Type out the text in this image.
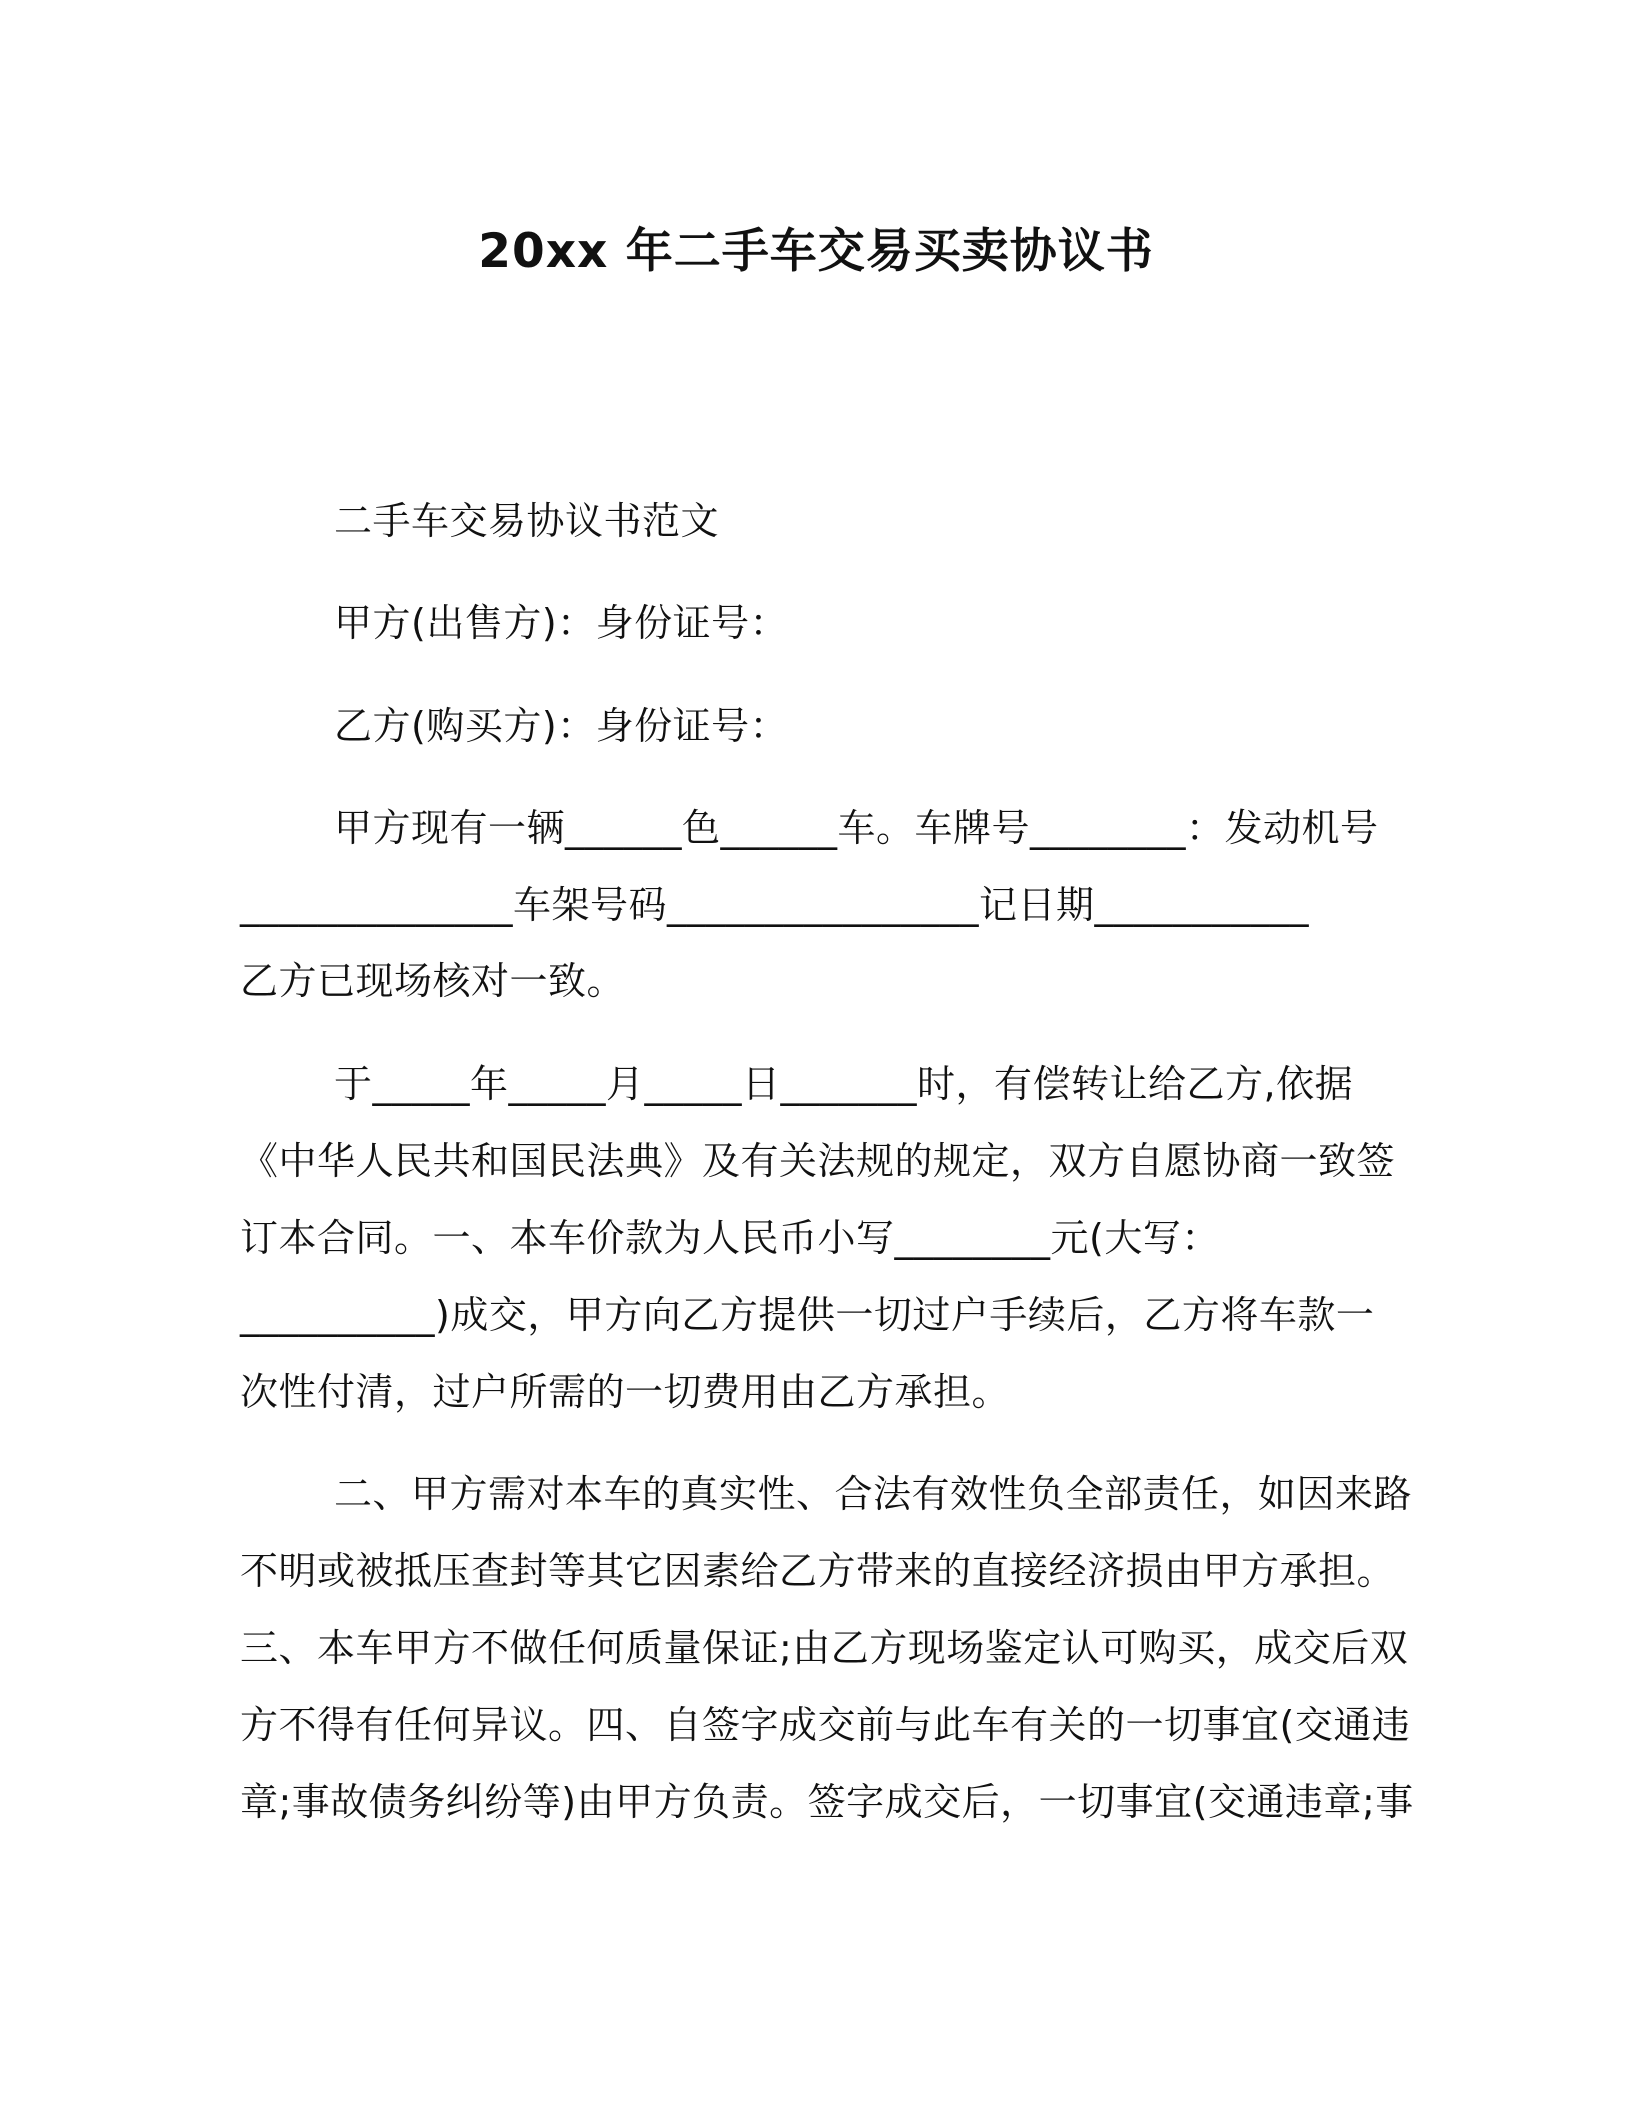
20xx 年二手车交易买卖协议书
二手车交易协议书范文
甲方(出售方)：身份证号：
乙方(购买方)：身份证号：
甲方现有一辆______色______车。车牌号________：发动机号
______________车架号码________________记日期___________
乙方已现场核对一致。
于_____年_____月_____日_______时，有偿转让给乙方,依据
《中华人民共和国民法典》及有关法规的规定，双方自愿协商一致签
订本合同。一、本车价款为人民币小写________元(大写：
__________)成交，甲方向乙方提供一切过户手续后，乙方将车款一
次性付清，过户所需的一切费用由乙方承担。
二、甲方需对本车的真实性、合法有效性负全部责任，如因来路
不明或被抵压查封等其它因素给乙方带来的直接经济损由甲方承担。
三、本车甲方不做任何质量保证;由乙方现场鉴定认可购买，成交后双
方不得有任何异议。四、自签字成交前与此车有关的一切事宜(交通违
章;事故债务纠纷等)由甲方负责。签字成交后，一切事宜(交通违章;事
